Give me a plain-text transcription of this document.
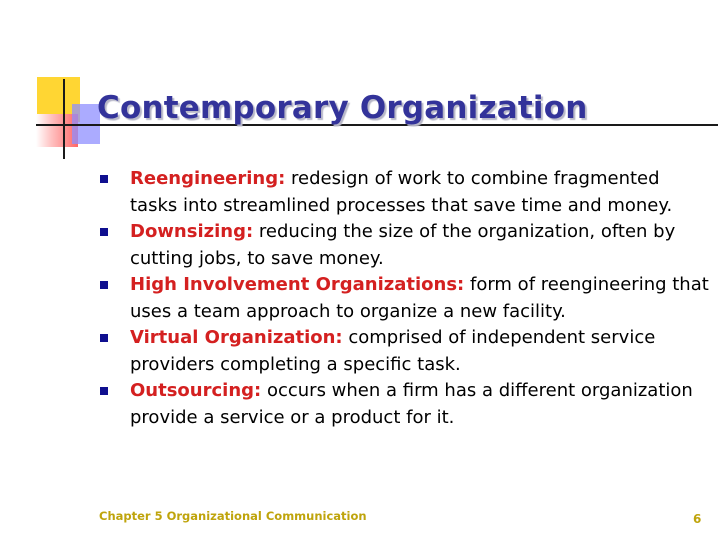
Contemporary Organization
Reengineering: redesign of work to combine fragmented tasks into streamlined processes that save time and money.
Downsizing: reducing the size of the organization, often by cutting jobs, to save money.
High Involvement Organizations: form of reengineering that uses a team approach to organize a new facility.
Virtual Organization: comprised of independent service providers completing a specific task.
Outsourcing: occurs when a firm has a different organization provide a service or a product for it.
Chapter 5 Organizational Communication	6
